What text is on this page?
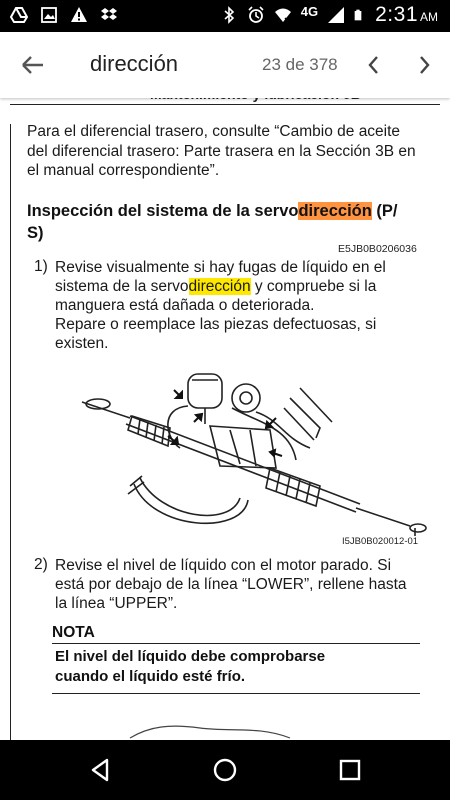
4G	2:31 AM
dirección	23 de 378
Para el diferencial trasero, consulte “Cambio de aceite
del diferencial trasero: Parte trasera en la Sección 3B en
el manual correspondiente”.
Inspección del sistema de la servodirección (P/
S)
E5JB0B0206036
1) Revise visualmente si hay fugas de líquido en el
sistema de la servodirección y compruebe si la
manguera está dañada o deteriorada.
Repare o reemplace las piezas defectuosas, si
existen.
I5JB0B020012-01
2) Revise el nivel de líquido con el motor parado. Si
está por debajo de la línea “LOWER”, rellene hasta
la línea “UPPER”.
NOTA
El nivel del líquido debe comprobarse
cuando el líquido esté frío.
